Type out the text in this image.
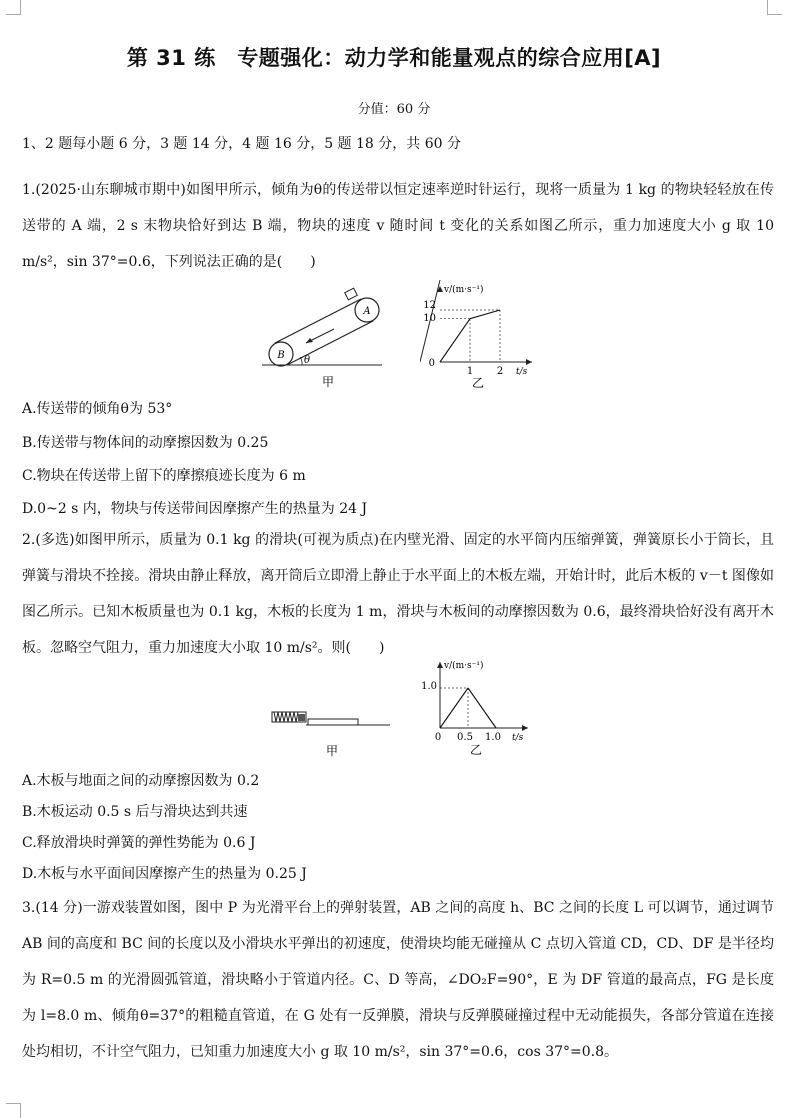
第 31 练　专题强化：动力学和能量观点的综合应用[A]
分值：60 分
1、2 题每小题 6 分，3 题 14 分，4 题 16 分，5 题 18 分，共 60 分
1.(2025·山东聊城市期中)如图甲所示，倾角为θ的传送带以恒定速率逆时针运行，现将一质量为 1 kg 的物块轻轻放在传送带的 A 端，2 s 末物块恰好到达 B 端，物块的速度 v 随时间 t 变化的关系如图乙所示，重力加速度大小 g 取 10 m/s²，sin 37°=0.6，下列说法正确的是(　　)
A
B θ
甲
v/(m·s⁻¹)
t/s
12
10
0
1 2
乙
A.传送带的倾角θ为 53°
B.传送带与物体间的动摩擦因数为 0.25
C.物块在传送带上留下的摩擦痕迹长度为 6 m
D.0~2 s 内，物块与传送带间因摩擦产生的热量为 24 J
2.(多选)如图甲所示，质量为 0.1 kg 的滑块(可视为质点)在内壁光滑、固定的水平筒内压缩弹簧，弹簧原长小于筒长，且弹簧与滑块不拴接。滑块由静止释放，离开筒后立即滑上静止于水平面上的木板左端，开始计时，此后木板的 v－t 图像如图乙所示。已知木板质量也为 0.1 kg，木板的长度为 1 m，滑块与木板间的动摩擦因数为 0.6，最终滑块恰好没有离开木板。忽略空气阻力，重力加速度大小取 10 m/s²。则(　　)
甲
v/(m·s⁻¹)
t/s
1.0
0 0.5 1.0
乙
A.木板与地面之间的动摩擦因数为 0.2
B.木板运动 0.5 s 后与滑块达到共速
C.释放滑块时弹簧的弹性势能为 0.6 J
D.木板与水平面间因摩擦产生的热量为 0.25 J
3.(14 分)一游戏装置如图，图中 P 为光滑平台上的弹射装置，AB 之间的高度 h、BC 之间的长度 L 可以调节，通过调节 AB 间的高度和 BC 间的长度以及小滑块水平弹出的初速度，使滑块均能无碰撞从 C 点切入管道 CD，CD、DF 是半径均为 R=0.5 m 的光滑圆弧管道，滑块略小于管道内径。C、D 等高，∠DO₂F=90°，E 为 DF 管道的最高点，FG 是长度为 l=8.0 m、倾角θ=37°的粗糙直管道，在 G 处有一反弹膜，滑块与反弹膜碰撞过程中无动能损失，各部分管道在连接处均相切，不计空气阻力，已知重力加速度大小 g 取 10 m/s²，sin 37°=0.6，cos 37°=0.8。
